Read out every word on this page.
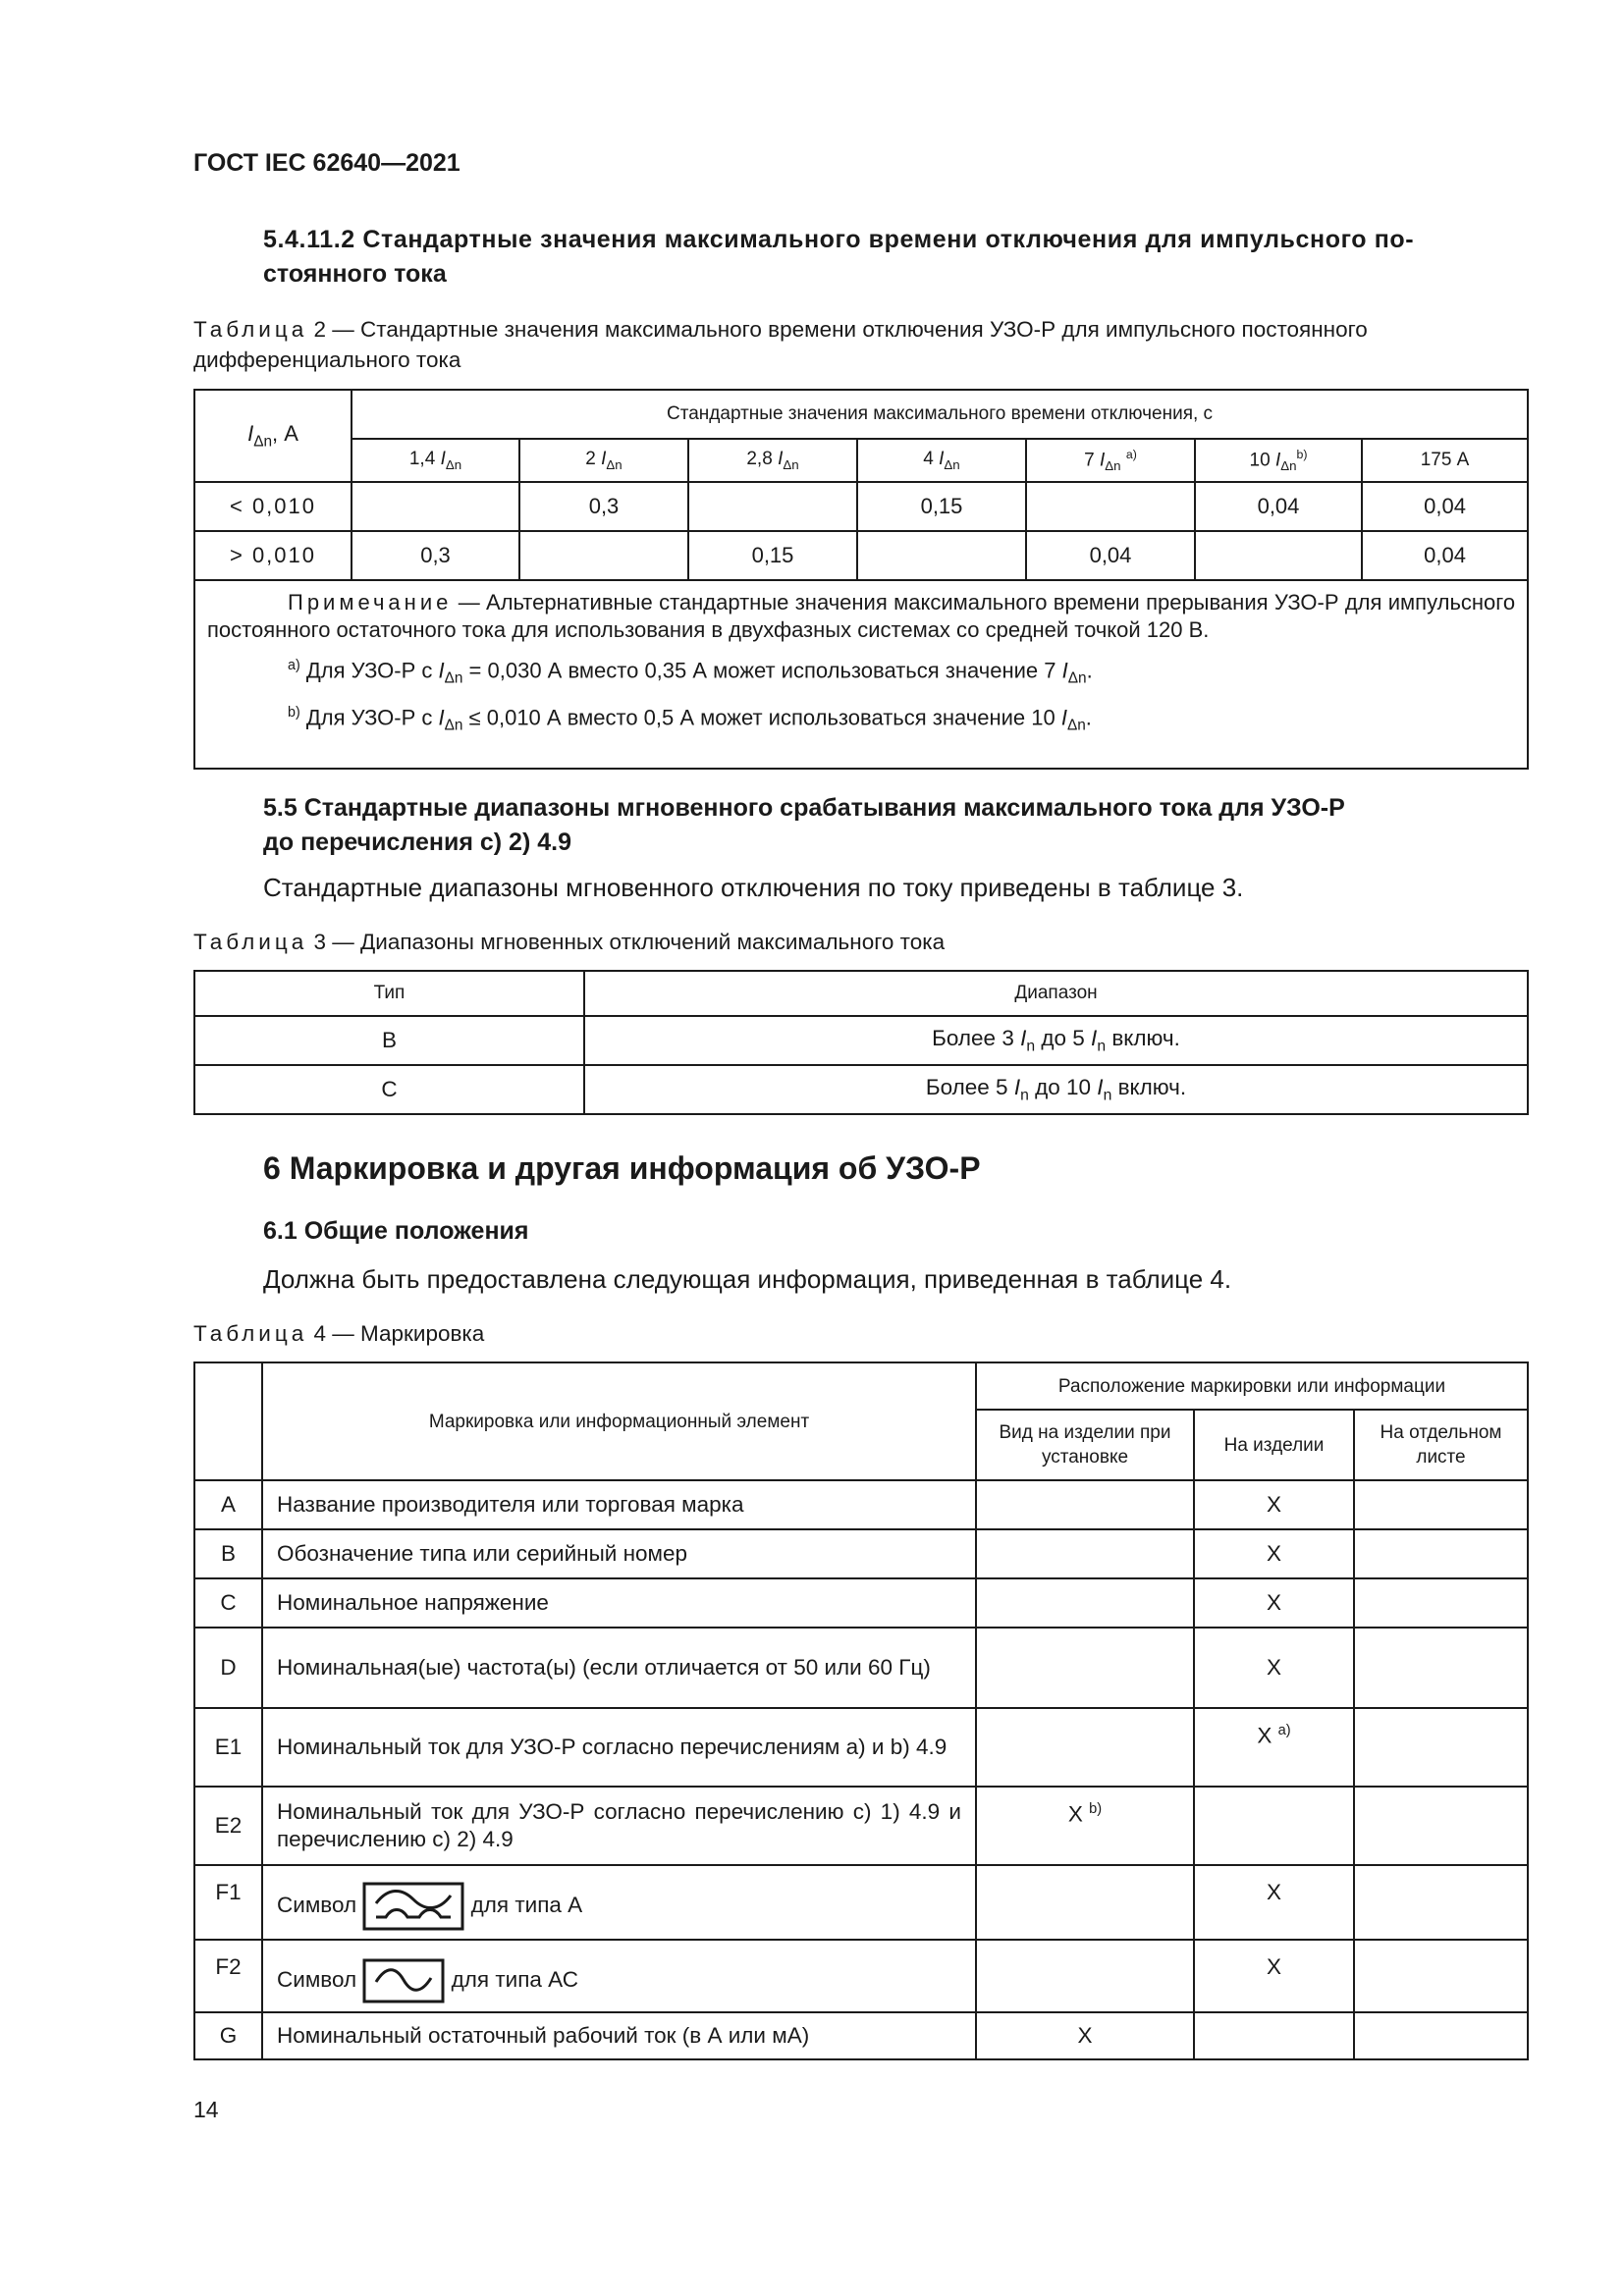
ГОСТ IEC 62640—2021
5.4.11.2 Стандартные значения максимального времени отключения для импульсного по-
стоянного тока
Таблица 2 — Стандартные значения максимального времени отключения УЗО-Р для импульсного постоянного
дифференциального тока
$I_{\Delta n}$, А	Стандартные значения максимального времени отключения, с						
	1,4 $I_{\Delta n}$	2 $I_{\Delta n}$	2,8 $I_{\Delta n}$	4 $I_{\Delta n}$	7 $I_{\Delta n}$ $^{a)}$	10 $I_{\Delta n}^{b)}$	175 А
< 0,010		0,3		0,15		0,04	0,04
> 0,010	0,3		0,15		0,04		0,04

Примечание — Альтернативные стандартные значения максимального времени прерывания УЗО-Р для импульсного постоянного остаточного тока для использования в двухфазных системах со средней точкой 120 В.

$^{a)}$ Для УЗО-Р с $I_{\Delta n} = 0,030$ А вместо 0,35 А может использоваться значение 7 $I_{\Delta n}$.

$^{b)}$ Для УЗО-Р с $I_{\Delta n} \le 0,010$ А вместо 0,5 А может использоваться значение 10 $I_{\Delta n}$.							

5.5 Стандартные диапазоны мгновенного срабатывания максимального тока для УЗО-Р
до перечисления с) 2) 4.9
Стандартные диапазоны мгновенного отключения по току приведены в таблице 3.
Таблица 3 — Диапазоны мгновенных отключений максимального тока
Тип	Диапазон
B	Более 3 $I_n$ до 5 $I_n$ включ.
C	Более 5 $I_n$ до 10 $I_n$ включ.
6 Маркировка и другая информация об УЗО-Р
6.1 Общие положения
Должна быть предоставлена следующая информация, приведенная в таблице 4.
Таблица 4 — Маркировка
	Маркировка или информационный элемент	Расположение маркировки или информации		
		Вид на изделии при установке	На изделии	На отдельном листе
A	Название производителя или торговая марка		X	
B	Обозначение типа или серийный номер		X	
C	Номинальное напряжение		X	
D	Номинальная(ые) частота(ы) (если отличается от 50 или 60 Гц)		X	
E1	Номинальный ток для УЗО-Р согласно перечислениям а) и b) 4.9		X $^{a)}$	
E2	Номинальный ток для УЗО-Р согласно перечислению с) 1) 4.9 и перечислению с) 2) 4.9	X $^{b)}$		
F1	Символ для типа А		X	
F2	Символ для типа АС		X	
G	Номинальный остаточный рабочий ток (в А или мА)	X		
14
